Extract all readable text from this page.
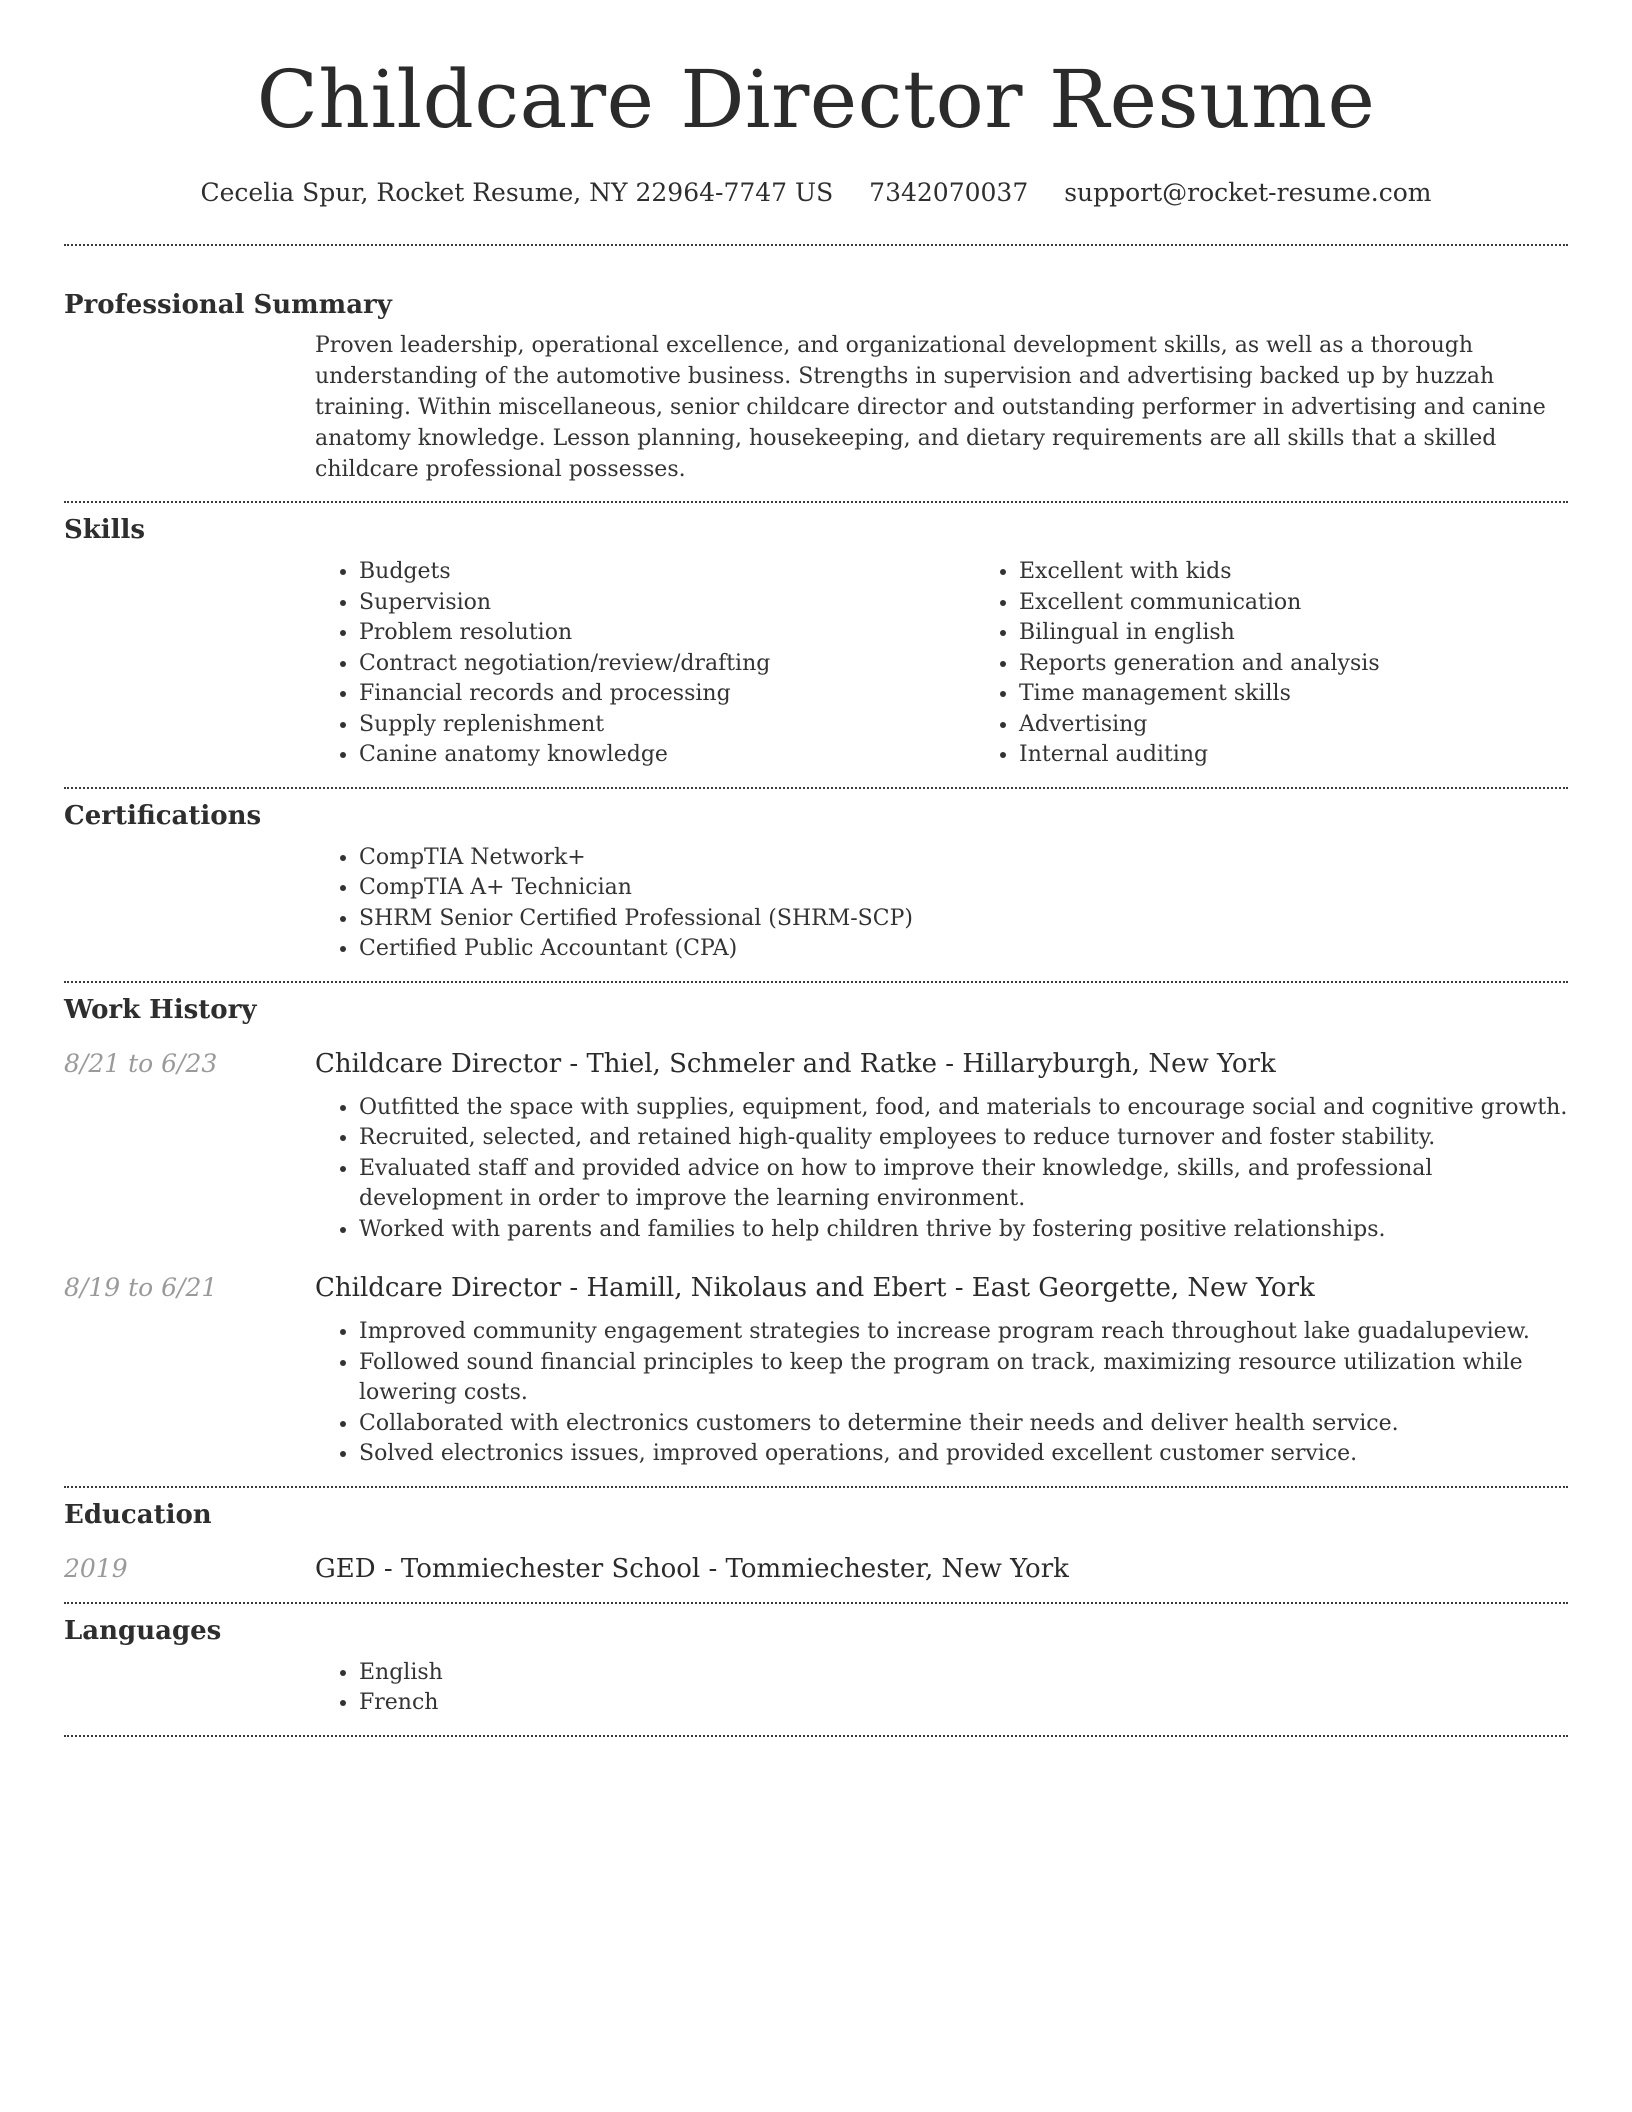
Childcare Director Resume
Cecelia Spur, Rocket Resume, NY 22964-7747 US 7342070037 support@rocket-resume.com
Professional Summary

Proven leadership, operational excellence, and organizational development skills, as well as a thorough understanding of the automotive business. Strengths in supervision and advertising backed up by huzzah training. Within miscellaneous, senior childcare director and outstanding performer in advertising and canine anatomy knowledge. Lesson planning, housekeeping, and dietary requirements are all skills that a skilled childcare professional possesses.

Skills
• Budgets
• Supervision
• Problem resolution
• Contract negotiation/review/drafting
• Financial records and processing
• Supply replenishment
• Canine anatomy knowledge
• Excellent with kids
• Excellent communication
• Bilingual in english
• Reports generation and analysis
• Time management skills
• Advertising
• Internal auditing
Certifications
• CompTIA Network+
• CompTIA A+ Technician
• SHRM Senior Certified Professional (SHRM-SCP)
• Certified Public Accountant (CPA)
Work History
8/21 to 6/23	Childcare Director - Thiel, Schmeler and Ratke - Hillaryburgh, New York
• Outfitted the space with supplies, equipment, food, and materials to encourage social and cognitive growth.
• Recruited, selected, and retained high-quality employees to reduce turnover and foster stability.
• Evaluated staff and provided advice on how to improve their knowledge, skills, and professional development in order to improve the learning environment.
• Worked with parents and families to help children thrive by fostering positive relationships.
8/19 to 6/21	Childcare Director - Hamill, Nikolaus and Ebert - East Georgette, New York
• Improved community engagement strategies to increase program reach throughout lake guadalupeview.
• Followed sound financial principles to keep the program on track, maximizing resource utilization while lowering costs.
• Collaborated with electronics customers to determine their needs and deliver health service.
• Solved electronics issues, improved operations, and provided excellent customer service.
Education
2019	GED - Tommiechester School - Tommiechester, New York
Languages
• English
• French
